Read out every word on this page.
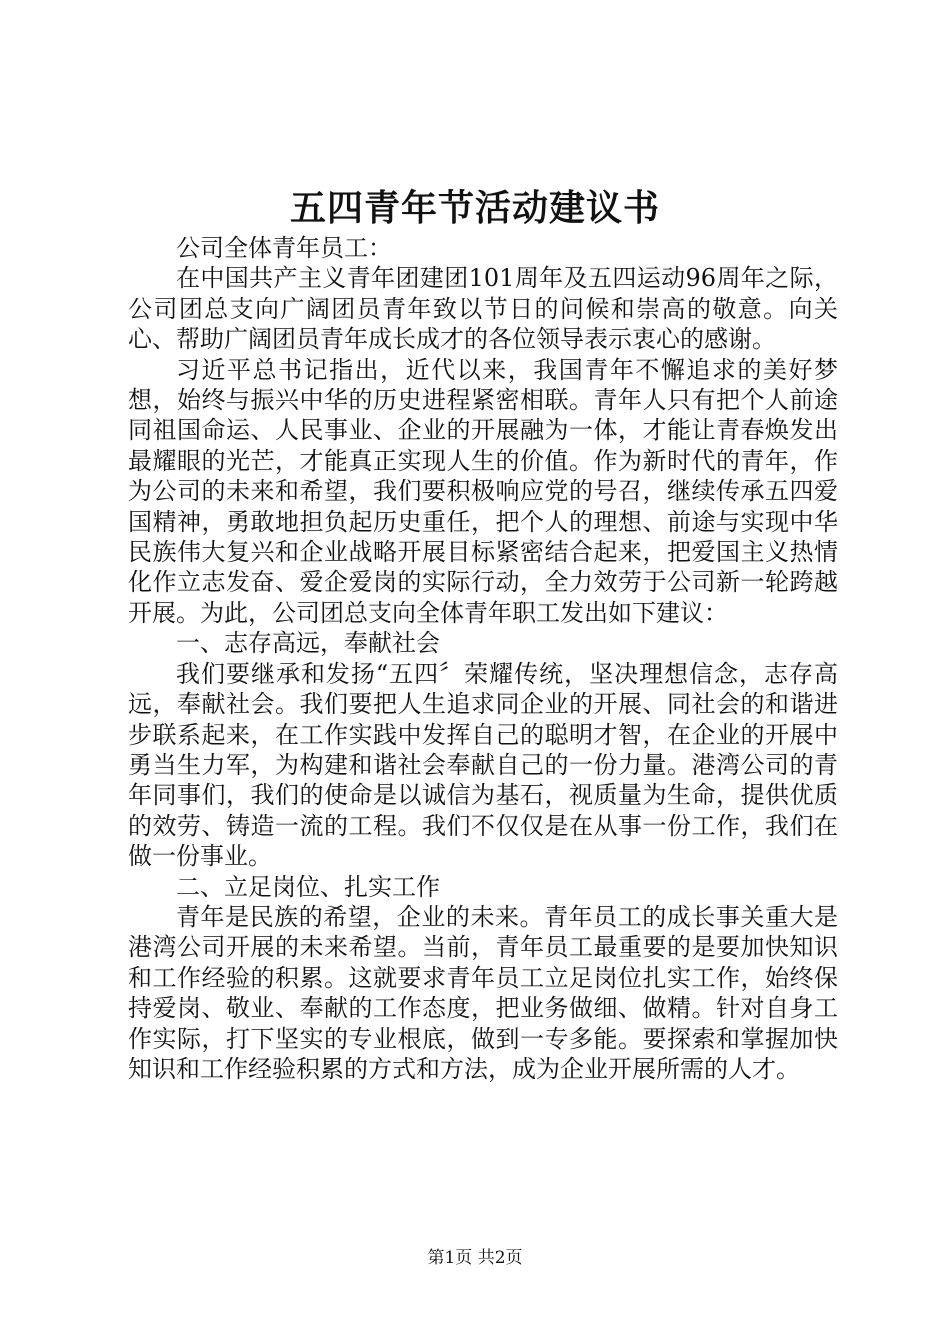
五四青年节活动建议书

公司全体青年员工：

在中国共产主义青年团建团101周年及五四运动96周年之际，公司团总支向广阔团员青年致以节日的问候和崇高的敬意。向关心、帮助广阔团员青年成长成才的各位领导表示衷心的感谢。

习近平总书记指出，近代以来，我国青年不懈追求的美好梦想，始终与振兴中华的历史进程紧密相联。青年人只有把个人前途同祖国命运、人民事业、企业的开展融为一体，才能让青春焕发出最耀眼的光芒，才能真正实现人生的价值。作为新时代的青年，作为公司的未来和希望，我们要积极响应党的号召，继续传承五四爱国精神，勇敢地担负起历史重任，把个人的理想、前途与实现中华民族伟大复兴和企业战略开展目标紧密结合起来，把爱国主义热情化作立志发奋、爱企爱岗的实际行动，全力效劳于公司新一轮跨越开展。为此，公司团总支向全体青年职工发出如下建议：

一、志存高远，奉献社会

我们要继承和发扬“五四〞荣耀传统，坚决理想信念，志存高远，奉献社会。我们要把人生追求同企业的开展、同社会的和谐进步联系起来，在工作实践中发挥自己的聪明才智，在企业的开展中勇当生力军，为构建和谐社会奉献自己的一份力量。港湾公司的青年同事们，我们的使命是以诚信为基石，视质量为生命，提供优质的效劳、铸造一流的工程。我们不仅仅是在从事一份工作，我们在做一份事业。

二、立足岗位、扎实工作

青年是民族的希望，企业的未来。青年员工的成长事关重大是港湾公司开展的未来希望。当前，青年员工最重要的是要加快知识和工作经验的积累。这就要求青年员工立足岗位扎实工作，始终保持爱岗、敬业、奉献的工作态度，把业务做细、做精。针对自身工作实际，打下坚实的专业根底，做到一专多能。要探索和掌握加快知识和工作经验积累的方式和方法，成为企业开展所需的人才。

第1页 共2页
